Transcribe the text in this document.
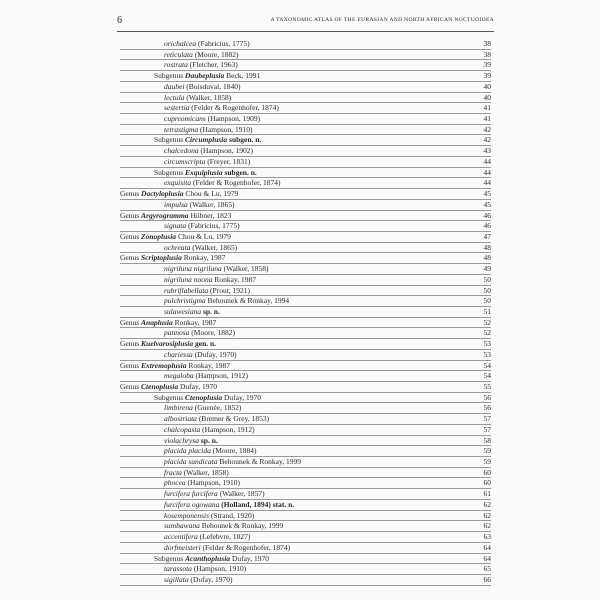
6	A TAXONOMIC ATLAS OF THE EURASIAN AND NORTH AFRICAN NOCTUOIDEA
orichalcea (Fabricius, 1775)	38
reticulata (Moore, 1882)	38
rostrata (Fletcher, 1963)	39
Subgenus Daubeplusia Beck, 1991	39
daubei (Boisduval, 1840)	40
lectula (Walker, 1858)	40
sestertia (Felder & Rogenhofer, 1874)	41
cupreomicans (Hampson, 1909)	41
tetrastigma (Hampson, 1910)	42
Subgenus Circumplusia subgen. n.	42
chalcedona (Hampson, 1902)	43
circumscripta (Freyer, 1831)	44
Subgenus Exquiplusia subgen. n.	44
exquisita (Felder & Rogenhofer, 1874)	44
Genus Dactyloplusia Chou & Lu, 1979	45
impulsa (Walker, 1865)	45
Genus Argyrogramma Hübner, 1823	46
signata (Fabricius, 1775)	46
Genus Zonoplusia Chou & Lu, 1979	47
ochreata (Walker, 1865)	48
Genus Scriptoplusia Ronkay, 1987	48
nigriluna nigriluna (Walker, 1858)	49
nigriluna noona Ronkay, 1987	50
rubriflabellata (Prout, 1921)	50
pulchristigma Behounek & Ronkay, 1994	50
sulawesiana sp. n.	51
Genus Anaplusia Ronkay, 1987	52
pannosa (Moore, 1882)	52
Genus Kuelvarosiplusia gen. n.	53
chariessa (Dufay, 1970)	53
Genus Extremoplusia Ronkay, 1987	54
megaloba (Hampson, 1912)	54
Genus Ctenoplusia Dufay, 1970	55
Subgenus Ctenoplusia Dufay, 1970	56
limbirena (Guenée, 1852)	56
albostriata (Bremer & Grey, 1853)	57
chalcopasta (Hampson, 1912)	57
violachrysa sp. n.	58
placida placida (Moore, 1884)	59
placida sundicata Behounek & Ronkay, 1999	59
fracta (Walker, 1858)	60
phocea (Hampson, 1910)	60
furcifera furcifera (Walker, 1857)	61
furcifera ogowana (Holland, 1894) stat. n.	62
kosemponensis (Strand, 1920)	62
sumbawana Behounek & Ronkay, 1999	62
accentifera (Lefebvre, 1827)	63
dorfmeisteri (Felder & Rogenhofer, 1874)	64
Subgenus Acanthoplusia Dufay, 1970	64
tarassota (Hampson, 1910)	65
sigillata (Dufay, 1970)	66
